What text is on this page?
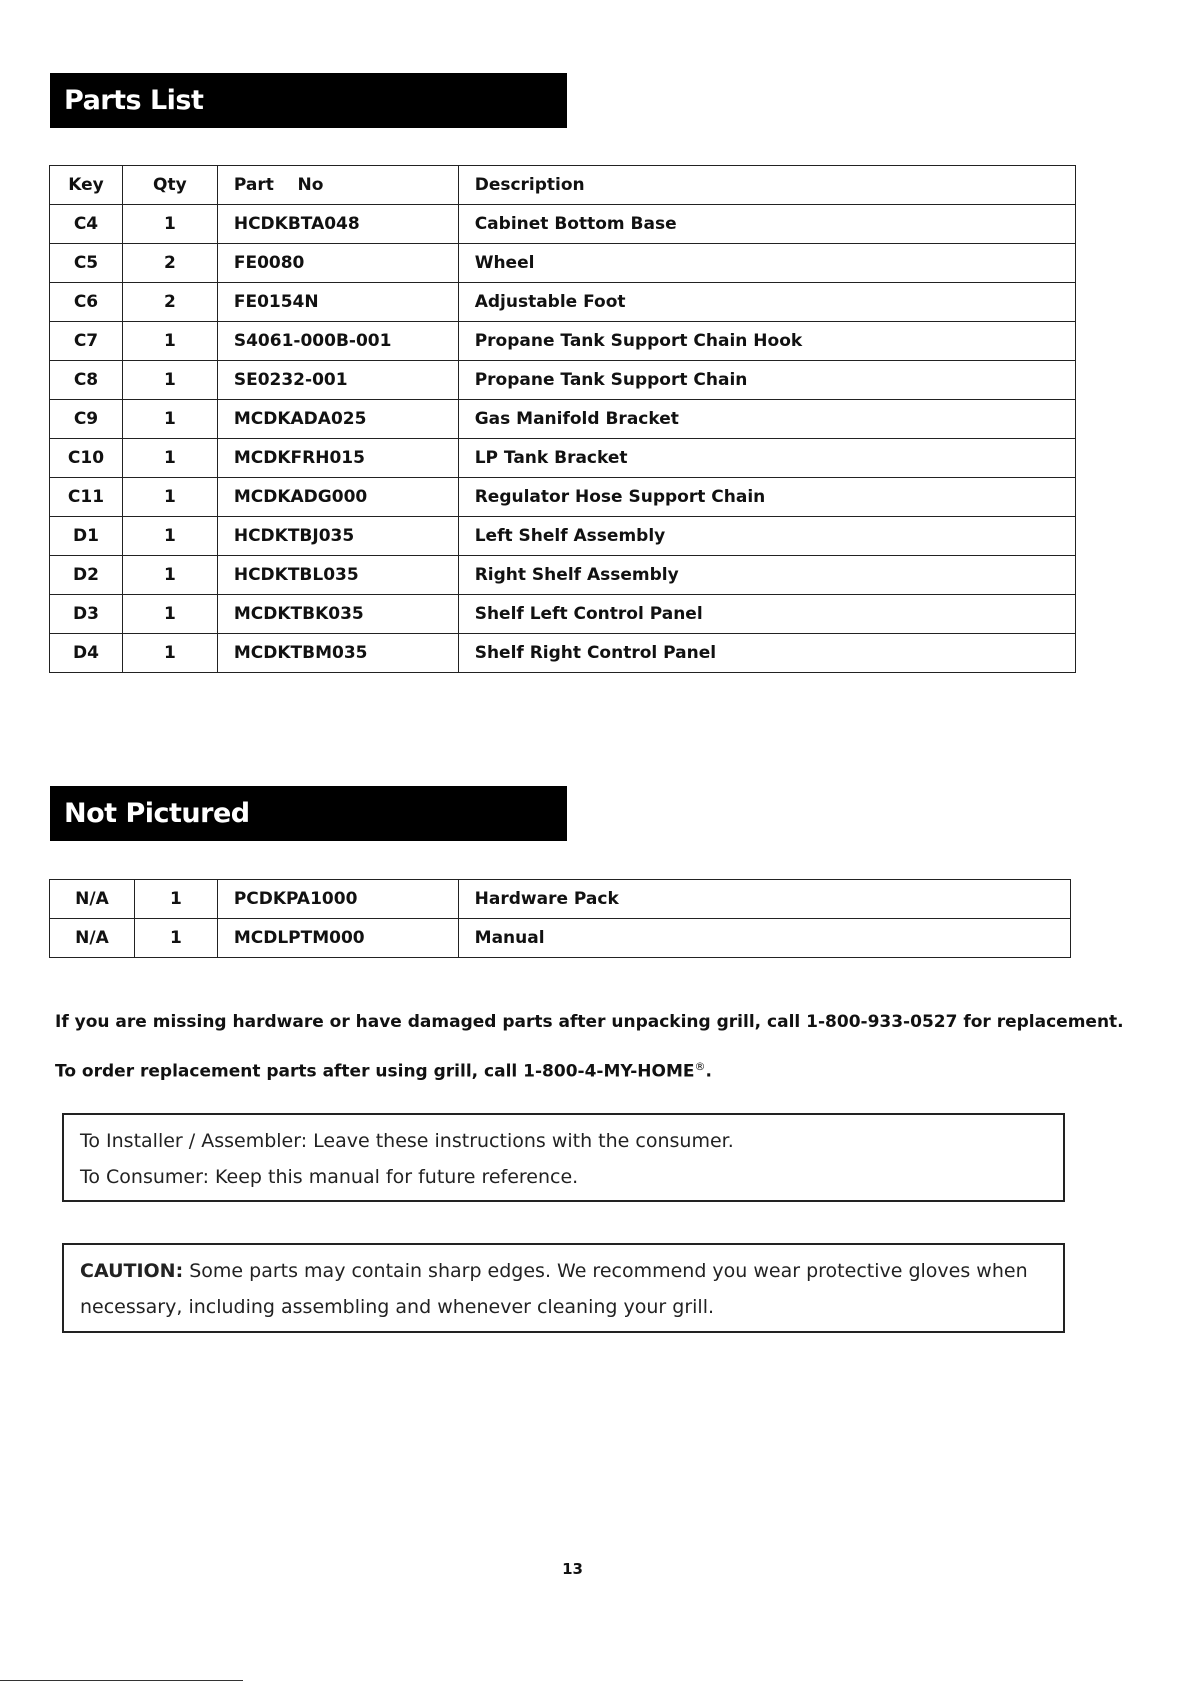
Parts List
Key	Qty	Part    No	Description
C4	1	HCDKBTA048	Cabinet Bottom Base
C5	2	FE0080	Wheel
C6	2	FE0154N	Adjustable Foot
C7	1	S4061-000B-001	Propane Tank Support Chain Hook
C8	1	SE0232-001	Propane Tank Support Chain
C9	1	MCDKADA025	Gas Manifold Bracket
C10	1	MCDKFRH015	LP Tank Bracket
C11	1	MCDKADG000	Regulator Hose Support Chain
D1	1	HCDKTBJ035	Left Shelf Assembly
D2	1	HCDKTBL035	Right Shelf Assembly
D3	1	MCDKTBK035	Shelf Left Control Panel
D4	1	MCDKTBM035	Shelf Right Control Panel
Not Pictured
N/A	1	PCDKPA1000	Hardware Pack
N/A	1	MCDLPTM000	Manual
If you are missing hardware or have damaged parts after unpacking grill, call 1-800-933-0527 for replacement.
To order replacement parts after using grill, call 1-800-4-MY-HOME®.
To Installer / Assembler: Leave these instructions with the consumer.
To Consumer: Keep this manual for future reference.
CAUTION: Some parts may contain sharp edges. We recommend you wear protective gloves when necessary, including assembling and whenever cleaning your grill.
13
